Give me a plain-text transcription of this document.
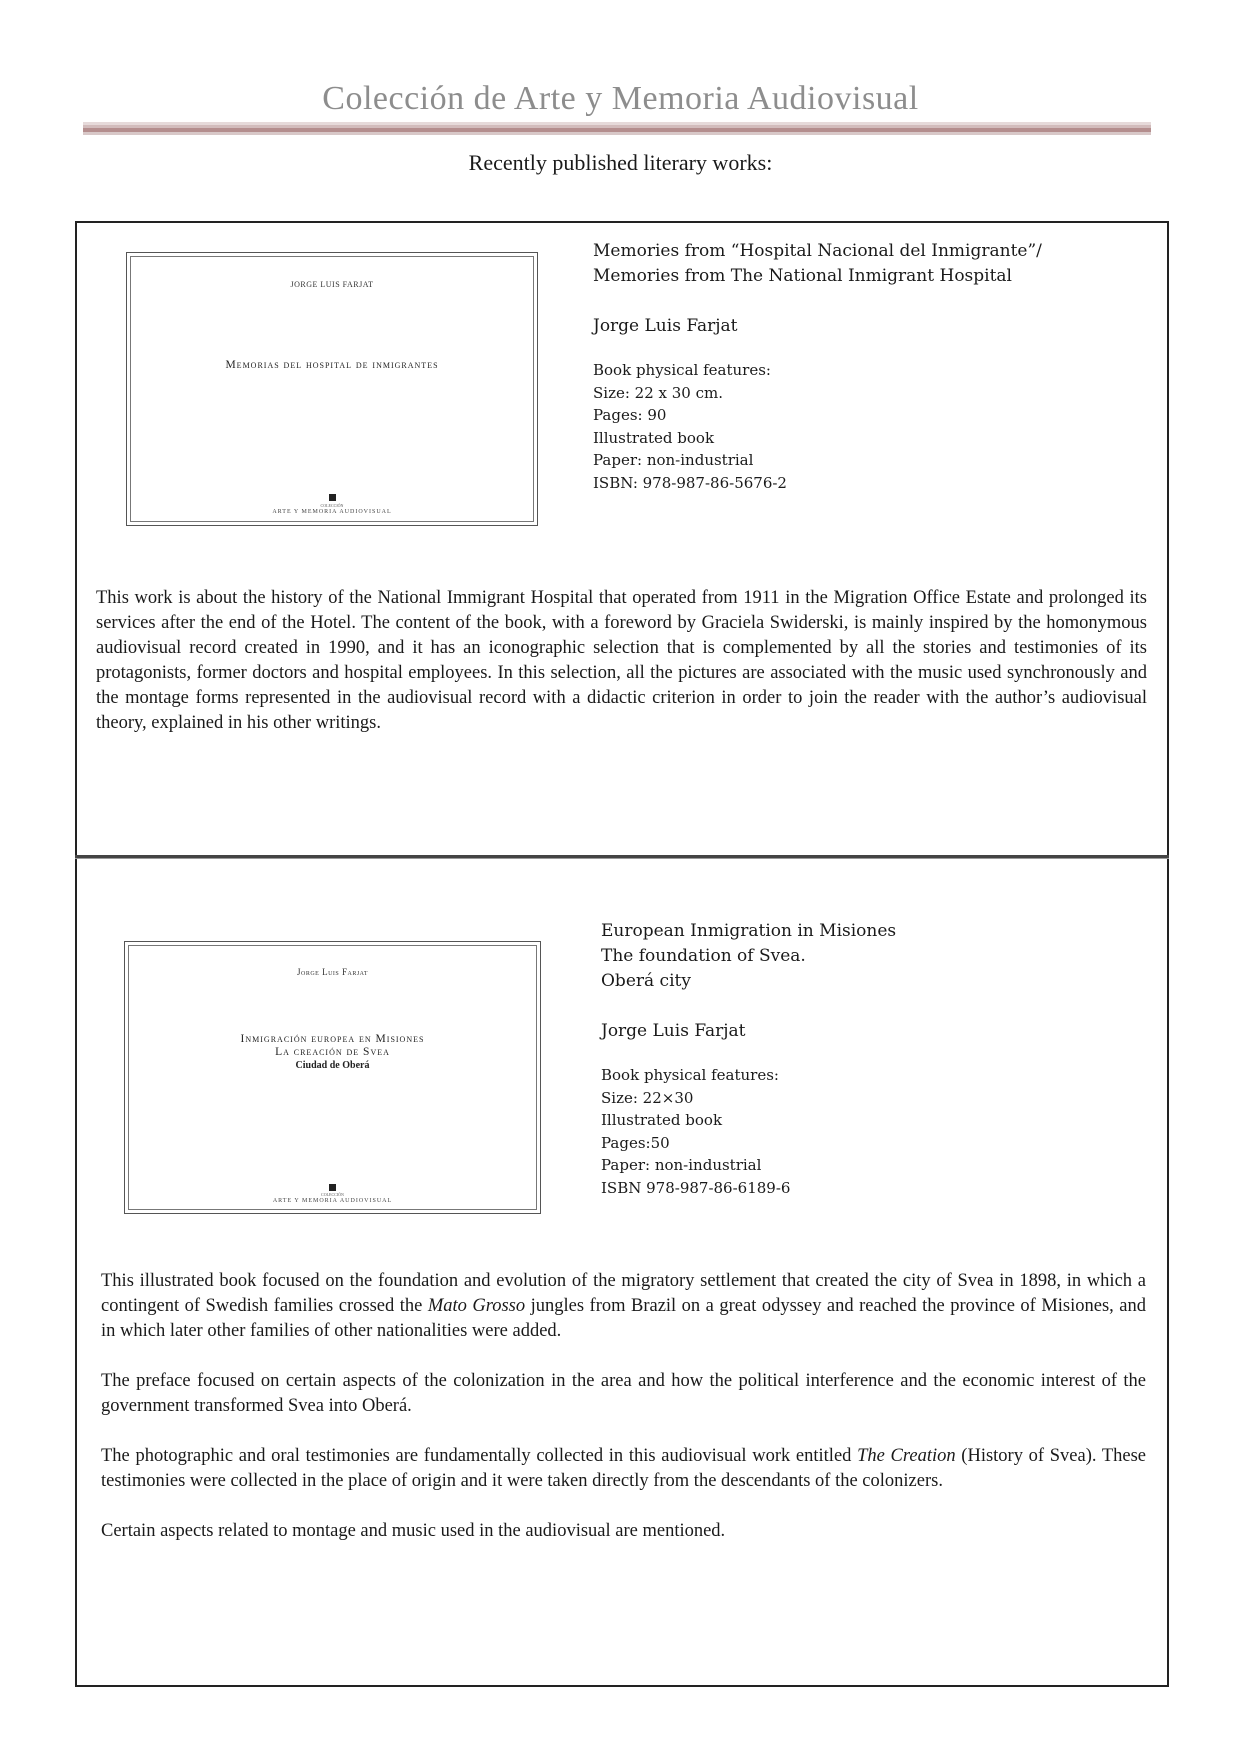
Colección de Arte y Memoria Audiovisual
Recently published literary works:
JORGE LUIS FARJAT
Memorias del hospital de inmigrantes
COLECCIÓN
ARTE Y MEMORIA AUDIOVISUAL
Memories from “Hospital Nacional del Inmigrante”/
Memories from The National Inmigrant Hospital
Jorge Luis Farjat
Book physical features:
Size: 22 x 30 cm.
Pages: 90
Illustrated book
Paper: non-industrial
ISBN: 978-987-86-5676-2

This work is about the history of the National Immigrant Hospital that operated from 1911 in the Migration Office Estate and prolonged its services after the end of the Hotel. The content of the book, with a foreword by Graciela Swiderski, is mainly inspired by the homonymous audiovisual record created in 1990, and it has an iconographic selection that is complemented by all the stories and testimonies of its protagonists, former doctors and hospital employees. In this selection, all the pictures are associated with the music used synchronously and the montage forms represented in the audiovisual record with a didactic criterion in order to join the reader with the author’s audiovisual theory, explained in his other writings.

Jorge Luis Farjat
Inmigración europea en Misiones
La creación de Svea
Ciudad de Oberá
COLECCIÓN
ARTE Y MEMORIA AUDIOVISUAL
European Inmigration in Misiones
The foundation of Svea.
Oberá city
Jorge Luis Farjat
Book physical features:
Size: 22×30
Illustrated book
Pages:50
Paper: non-industrial
ISBN 978-987-86-6189-6

This illustrated book focused on the foundation and evolution of the migratory settlement that created the city of Svea in 1898, in which a contingent of Swedish families crossed the Mato Grosso jungles from Brazil on a great odyssey and reached the province of Misiones, and in which later other families of other nationalities were added.

The preface focused on certain aspects of the colonization in the area and how the political interference and the economic interest of the government transformed Svea into Oberá.

The photographic and oral testimonies are fundamentally collected in this audiovisual work entitled The Creation (History of Svea). These testimonies were collected in the place of origin and it were taken directly from the descendants of the colonizers.

Certain aspects related to montage and music used in the audiovisual are mentioned.
